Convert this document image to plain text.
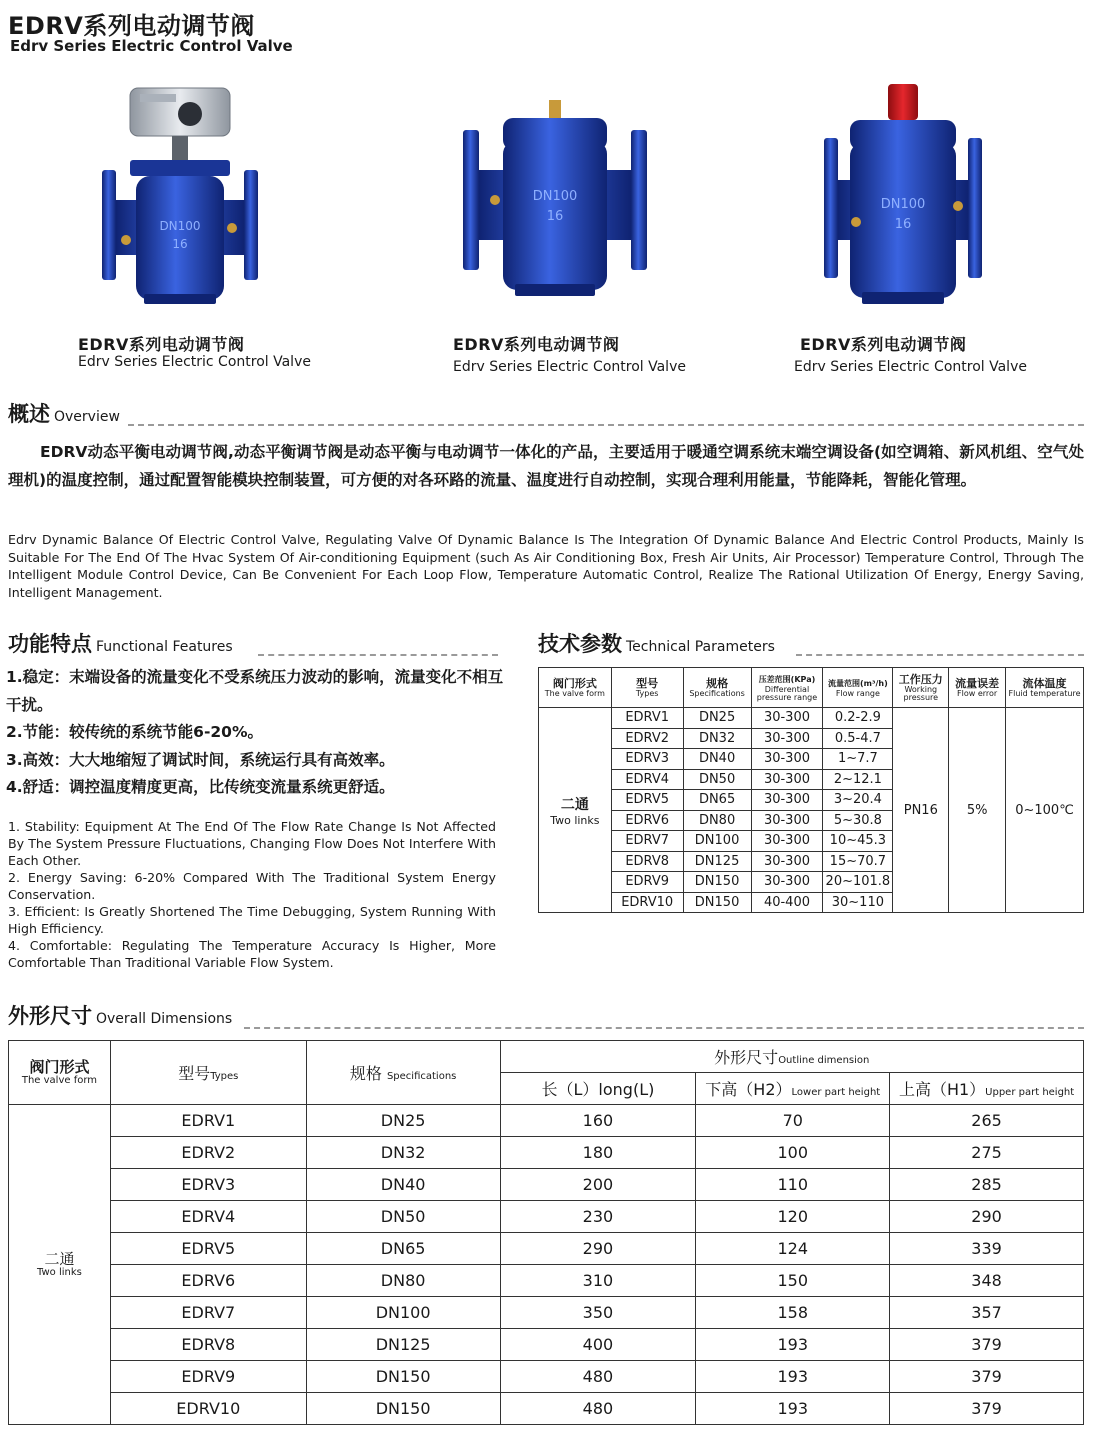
EDRV系列电动调节阀
Edrv Series Electric Control Valve
DN100
16
EDRV系列电动调节阀
Edrv Series Electric Control Valve
DN100
16
EDRV系列电动调节阀
Edrv Series Electric Control Valve
DN100
16
EDRV系列电动调节阀
Edrv Series Electric Control Valve
概述 Overview
EDRV动态平衡电动调节阀,动态平衡调节阀是动态平衡与电动调节一体化的产品，主要适用于暖通空调系统末端空调设备(如空调箱、新风机组、空气处理机)的温度控制，通过配置智能模块控制装置，可方便的对各环路的流量、温度进行自动控制，实现合理利用能量，节能降耗，智能化管理。
Edrv Dynamic Balance Of Electric Control Valve, Regulating Valve Of Dynamic Balance Is The Integration Of Dynamic Balance And Electric Control Products, Mainly Is Suitable For The End Of The Hvac System Of Air-conditioning Equipment (such As Air Conditioning Box, Fresh Air Units, Air Processor) Temperature Control, Through The Intelligent Module Control Device, Can Be Convenient For Each Loop Flow, Temperature Automatic Control, Realize The Rational Utilization Of Energy, Energy Saving, Intelligent Management.
功能特点 Functional Features
1.稳定：末端设备的流量变化不受系统压力波动的影响，流量变化不相互干扰。
2.节能：较传统的系统节能6-20%。
3.高效：大大地缩短了调试时间，系统运行具有高效率。
4.舒适：调控温度精度更高，比传统变流量系统更舒适。

1. Stability: Equipment At The End Of The Flow Rate Change Is Not Affected By The System Pressure Fluctuations, Changing Flow Does Not Interfere With Each Other.

2. Energy Saving: 6-20% Compared With The Traditional System Energy Conservation.

3. Efficient: Is Greatly Shortened The Time Debugging, System Running With High Efficiency.

4. Comfortable: Regulating The Temperature Accuracy Is Higher, More Comfortable Than Traditional Variable Flow System.

技术参数 Technical Parameters
阀门形式
The valve form	型号
Types	规格
Specifications	压差范围(KPa)
Differential pressure range	流量范围(m³/h)
Flow range	工作压力
Working pressure	流量误差
Flow error	流体温度
Fluid temperature

二通
Two links	EDRV1	DN25	30-300	0.2-2.9	PN16	5%	0~100℃
	EDRV2	DN32	30-300	0.5-4.7			
	EDRV3	DN40	30-300	1~7.7			
	EDRV4	DN50	30-300	2~12.1			
	EDRV5	DN65	30-300	3~20.4			
	EDRV6	DN80	30-300	5~30.8			
	EDRV7	DN100	30-300	10~45.3			
	EDRV8	DN125	30-300	15~70.7			
	EDRV9	DN150	30-300	20~101.8			
	EDRV10	DN150	40-400	30~110			
外形尺寸 Overall Dimensions
阀门形式
The valve form	型号Types	规格 Specifications	外形尺寸Outline dimension		
			长（L）long(L)	下高（H2）Lower part height	上高（H1）Upper part height

二通
Two links	EDRV1	DN25	160	70	265
	EDRV2	DN32	180	100	275
	EDRV3	DN40	200	110	285
	EDRV4	DN50	230	120	290
	EDRV5	DN65	290	124	339
	EDRV6	DN80	310	150	348
	EDRV7	DN100	350	158	357
	EDRV8	DN125	400	193	379
	EDRV9	DN150	480	193	379
	EDRV10	DN150	480	193	379
